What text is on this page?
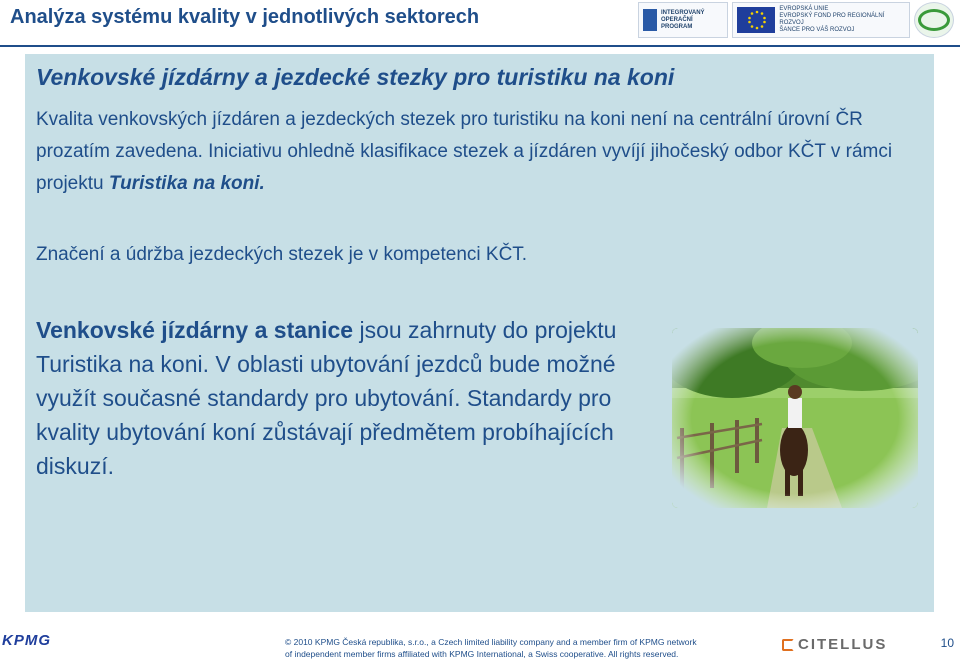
Analýza systému kvality v jednotlivých sektorech	INTEGROVANÝ
OPERAČNÍ
PROGRAM
EVROPSKÁ UNIE
EVROPSKÝ FOND PRO REGIONÁLNÍ ROZVOJ
ŠANCE PRO VÁŠ ROZVOJ
Venkovské jízdárny a jezdecké stezky pro turistiku na koni
Kvalita venkovských jízdáren a jezdeckých stezek pro turistiku na koni není na centrální úrovní ČR prozatím zavedena. Iniciativu ohledně klasifikace stezek a jízdáren vyvíjí jihočeský odbor KČT v rámci projektu Turistika na koni.
Značení a údržba jezdeckých stezek je v kompetenci KČT.
Venkovské jízdárny a stanice jsou zahrnuty do projektu Turistika na koni. V oblasti ubytování jezdců bude možné využít současné standardy pro ubytování. Standardy pro kvality ubytování koní zůstávají předmětem probíhajících diskuzí.
KPMG	© 2010 KPMG Česká republika, s.r.o., a Czech limited liability company and a member firm of KPMG network
of independent member firms affiliated with KPMG International, a Swiss cooperative. All rights reserved.
CITELLUS	10
